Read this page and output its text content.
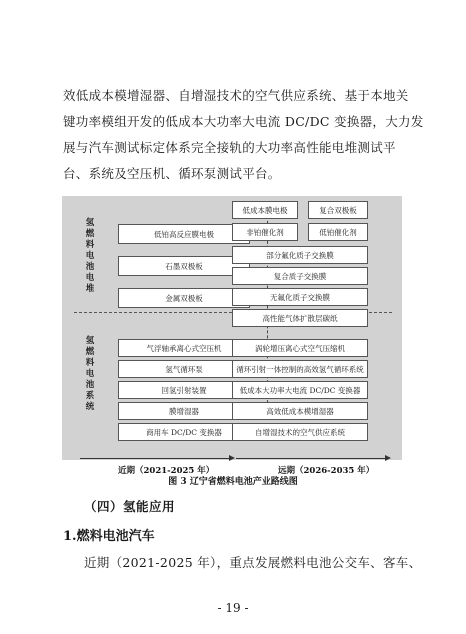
效低成本模增湿器、自增湿技术的空气供应系统、基于本地关
键功率模组开发的低成本大功率大电流 DC/DC 变换器，大力发
展与汽车测试标定体系完全接轨的大功率高性能电堆测试平
台、系统及空压机、循环泵测试平台。
氢燃料电池电堆
氢燃料电池系统
低铂高反应膜电极
石墨双极板
金属双极板
低成本膜电极	复合双极板
非铂催化剂	低铂催化剂
部分氟化质子交换膜
复合质子交换膜
无氟化质子交换膜
高性能气体扩散层碳纸
气浮轴承离心式空压机
氢气循环泵
回氢引射装置
膜增湿器
商用车 DC/DC 变换器
涡轮增压离心式空气压缩机
循环引射一体控制的高效氢气循环系统
低成本大功率大电流 DC/DC 变换器
高效低成本模增湿器
自增湿技术的空气供应系统
近期（2021-2025 年）	远期（2026-2035 年）
图 3 辽宁省燃料电池产业路线图
（四）氢能应用
1.燃料电池汽车
近期（2021-2025 年），重点发展燃料电池公交车、客车、
- 19 -
